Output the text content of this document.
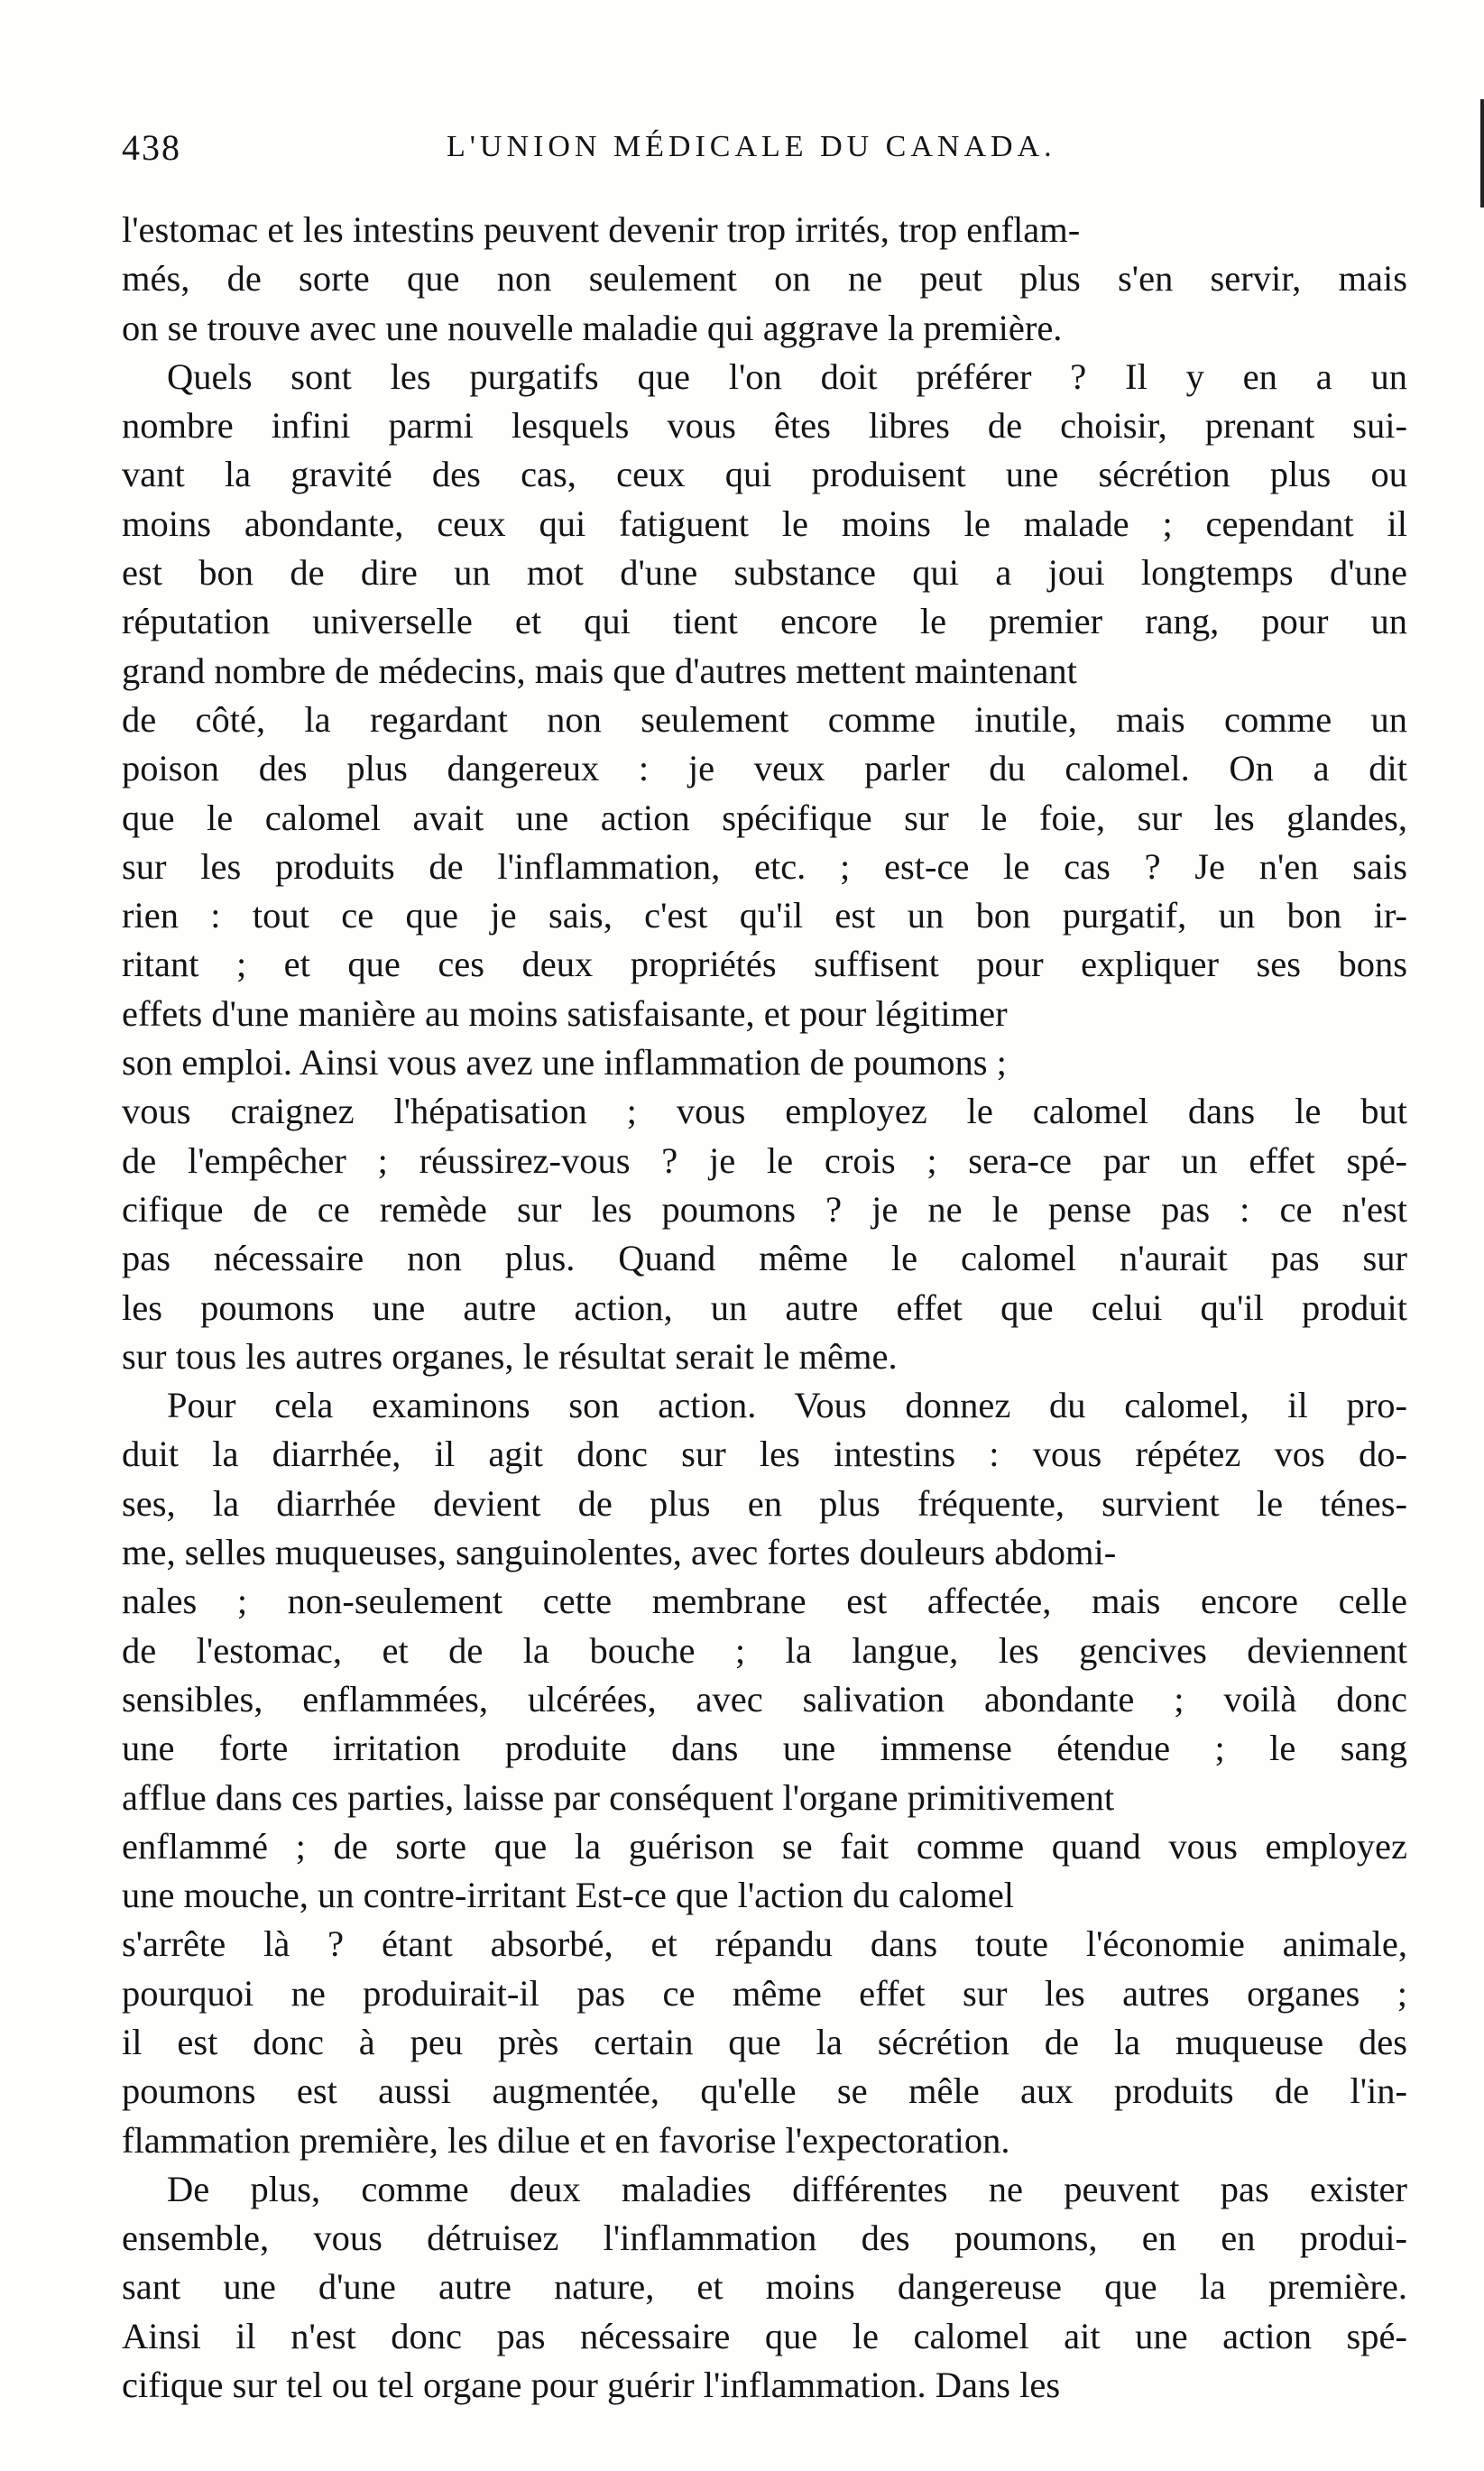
438	L'UNION MÉDICALE DU CANADA.
l'estomac et les intestins peuvent devenir trop irrités, trop enflam-
més, de sorte que non seulement on ne peut plus s'en servir, mais
on se trouve avec une nouvelle maladie qui aggrave la première.
Quels sont les purgatifs que l'on doit préférer ? Il y en a un
nombre infini parmi lesquels vous êtes libres de choisir, prenant sui-
vant la gravité des cas, ceux qui produisent une sécrétion plus ou
moins abondante, ceux qui fatiguent le moins le malade ; cependant il
est bon de dire un mot d'une substance qui a joui longtemps d'une
réputation universelle et qui tient encore le premier rang, pour un
grand nombre de médecins, mais que d'autres mettent maintenant
de côté, la regardant non seulement comme inutile, mais comme un
poison des plus dangereux : je veux parler du calomel. On a dit
que le calomel avait une action spécifique sur le foie, sur les glandes,
sur les produits de l'inflammation, etc. ; est-ce le cas ? Je n'en sais
rien : tout ce que je sais, c'est qu'il est un bon purgatif, un bon ir-
ritant ; et que ces deux propriétés suffisent pour expliquer ses bons
effets d'une manière au moins satisfaisante, et pour légitimer
son emploi. Ainsi vous avez une inflammation de poumons ;
vous craignez l'hépatisation ; vous employez le calomel dans le but
de l'empêcher ; réussirez-vous ? je le crois ; sera-ce par un effet spé-
cifique de ce remède sur les poumons ? je ne le pense pas : ce n'est
pas nécessaire non plus. Quand même le calomel n'aurait pas sur
les poumons une autre action, un autre effet que celui qu'il produit
sur tous les autres organes, le résultat serait le même.
Pour cela examinons son action. Vous donnez du calomel, il pro-
duit la diarrhée, il agit donc sur les intestins : vous répétez vos do-
ses, la diarrhée devient de plus en plus fréquente, survient le ténes-
me, selles muqueuses, sanguinolentes, avec fortes douleurs abdomi-
nales ; non-seulement cette membrane est affectée, mais encore celle
de l'estomac, et de la bouche ; la langue, les gencives deviennent
sensibles, enflammées, ulcérées, avec salivation abondante ; voilà donc
une forte irritation produite dans une immense étendue ; le sang
afflue dans ces parties, laisse par conséquent l'organe primitivement
enflammé ; de sorte que la guérison se fait comme quand vous employez
une mouche, un contre-irritant Est-ce que l'action du calomel
s'arrête là ? étant absorbé, et répandu dans toute l'économie animale,
pourquoi ne produirait-il pas ce même effet sur les autres organes ;
il est donc à peu près certain que la sécrétion de la muqueuse des
poumons est aussi augmentée, qu'elle se mêle aux produits de l'in-
flammation première, les dilue et en favorise l'expectoration.
De plus, comme deux maladies différentes ne peuvent pas exister
ensemble, vous détruisez l'inflammation des poumons, en en produi-
sant une d'une autre nature, et moins dangereuse que la première.
Ainsi il n'est donc pas nécessaire que le calomel ait une action spé-
cifique sur tel ou tel organe pour guérir l'inflammation. Dans les
